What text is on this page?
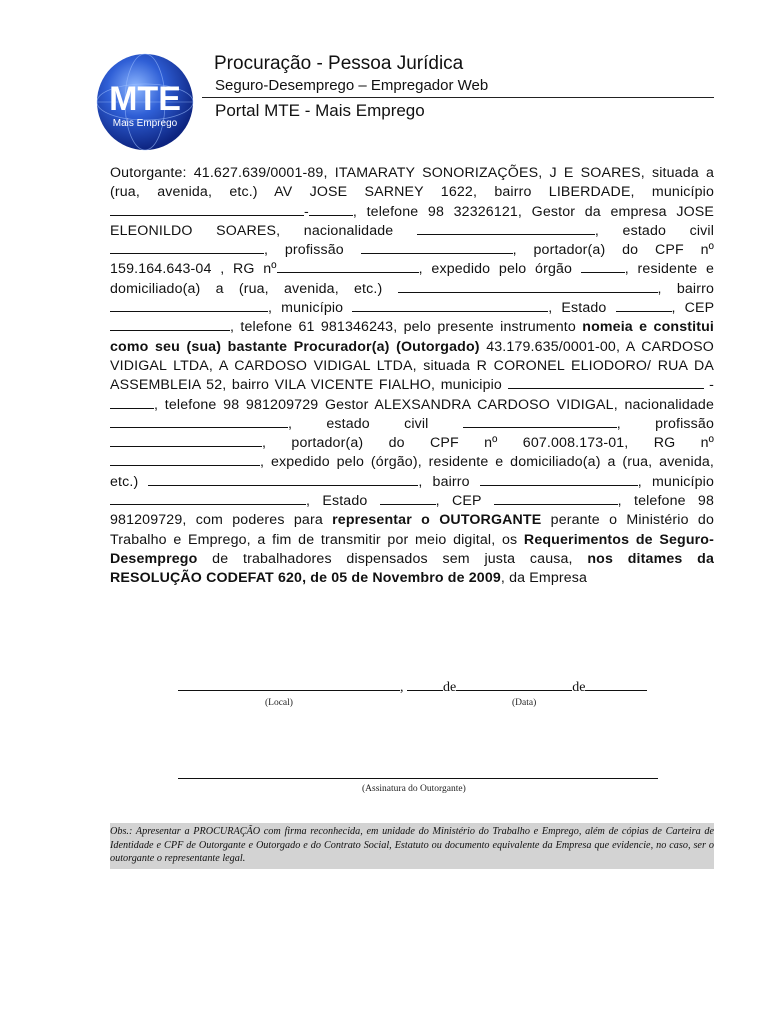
MTE
Mais Emprego
Procuração - Pessoa Jurídica
Seguro-Desemprego – Empregador Web
Portal MTE - Mais Emprego
Outorgante: 41.627.639/0001-89, ITAMARATY SONORIZAÇÕES, J E SOARES, situada a (rua, avenida, etc.) AV JOSE SARNEY 1622, bairro LIBERDADE, município -	, telefone 98 32326121, Gestor da empresa JOSE ELEONILDO SOARES, nacionalidade	, estado civil , profissão	, portador(a) do CPF nº 159.164.643-04 , RG nº	, expedido pelo órgão	, residente e domiciliado(a) a (rua, avenida, etc.)	, bairro , município	, Estado	, CEP , telefone 61 981346243, pelo presente instrumento nomeia e constitui como seu (sua) bastante Procurador(a) (Outorgado) 43.179.635/0001-00, A CARDOSO VIDIGAL LTDA, A CARDOSO VIDIGAL LTDA, situada R CORONEL ELIODORO/ RUA DA ASSEMBLEIA 52, bairro VILA VICENTE FIALHO, municipio	- , telefone 98 981209729 Gestor ALEXSANDRA CARDOSO VIDIGAL, nacionalidade , estado civil	, profissão , portador(a) do CPF nº 607.008.173-01, RG nº, expedido pelo (órgão), residente e domiciliado(a) a (rua, avenida, etc.)	, bairro	, município , Estado	, CEP	, telefone 98 981209729, com poderes para representar o OUTORGANTE perante o Ministério do Trabalho e Emprego, a fim de transmitir por meio digital, os Requerimentos de Seguro-Desemprego de trabalhadores dispensados sem justa causa, nos ditames da RESOLUÇÃO CODEFAT 620, de 05 de Novembro de 2009, da Empresa
,	de	de
(Local)	(Data)
(Assinatura do Outorgante)
Obs.: Apresentar a PROCURAÇÃO com firma reconhecida, em unidade do Ministério do Trabalho e Emprego, além de cópias de Carteira de Identidade e CPF de Outorgante e Outorgado e do Contrato Social, Estatuto ou documento equivalente da Empresa que evidencie, no caso, ser o outorgante o representante legal.
